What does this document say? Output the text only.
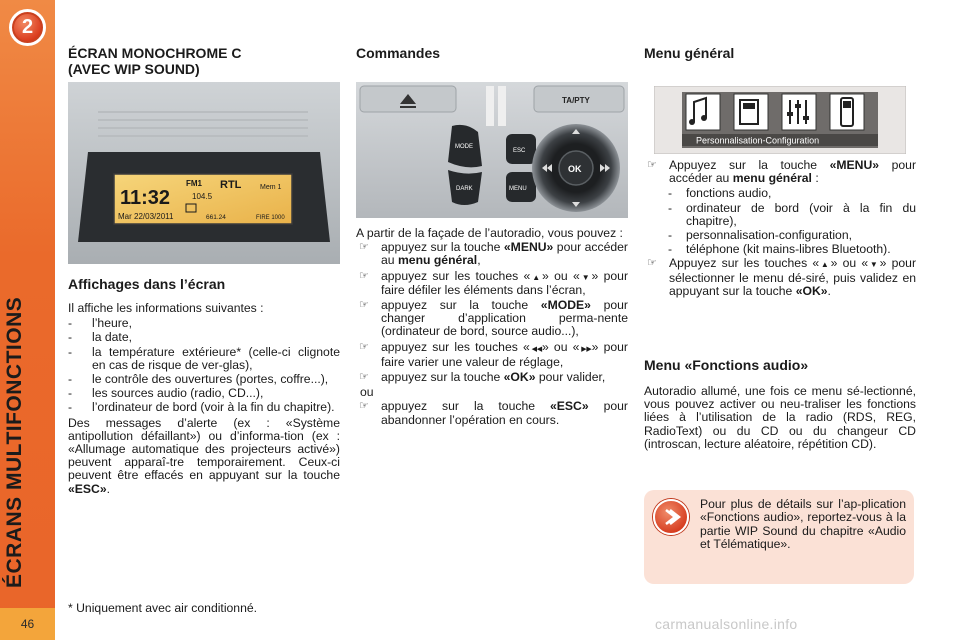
2
ÉCRANS MULTIFONCTIONS
46
ÉCRAN MONOCHROME C
(AVEC WIP SOUND)
11:32
Mar 22/03/2011
FM1 RTL	Mem 1
104.5
661.24	FIRE 1000
Affichages dans l’écran

Il affiche les informations suivantes :

- l’heure,
- la date,
- la température extérieure* (celle-ci clignote en cas de risque de ver-glas),
- le contrôle des ouvertures (portes, coffre...),
- les sources audio (radio, CD...),
- l’ordinateur de bord (voir à la fin du chapitre).

Des messages d’alerte (ex : «Système antipollution défaillant») ou d’informa-tion (ex : «Allumage automatique des projecteurs activé») peuvent apparaî-tre temporairement. Ceux-ci peuvent être effacés en appuyant sur la touche «ESC».

Commandes
TA/PTY
MODE
DARK
ESC
MENU
OK

A partir de la façade de l’autoradio, vous pouvez :

☞ appuyez sur la touche «MENU» pour accéder au menu général,
☞ appuyez sur les touches «▲» ou «▼» pour faire défiler les éléments dans l’écran,
☞ appuyez sur la touche «MODE» pour changer d’application perma-nente (ordinateur de bord, source audio...),
☞ appuyez sur les touches «◀◀» ou «▶▶» pour faire varier une valeur de réglage,
☞ appuyez sur la touche «OK» pour valider,

ou

☞ appuyez sur la touche «ESC» pour abandonner l’opération en cours.
Menu général
Personnalisation-Configuration
☞ Appuyez sur la touche «MENU» pour accéder au menu général :
- fonctions audio,
- ordinateur de bord (voir à la fin du chapitre),
- personnalisation-configuration,
- téléphone (kit mains-libres Bluetooth).
☞ Appuyez sur les touches «▲» ou «▼» pour sélectionner le menu dé-siré, puis validez en appuyant sur la touche «OK».
Menu «Fonctions audio»

Autoradio allumé, une fois ce menu sé-lectionné, vous pouvez activer ou neu-traliser les fonctions liées à l’utilisation de la radio (RDS, REG, RadioText) ou du CD ou du changeur CD (introscan, lecture aléatoire, répétition CD).

Pour plus de détails sur l’ap-plication «Fonctions audio», reportez-vous à la partie WIP Sound du chapitre «Audio et Télématique».
* Uniquement avec air conditionné.
carmanualsonline.info
